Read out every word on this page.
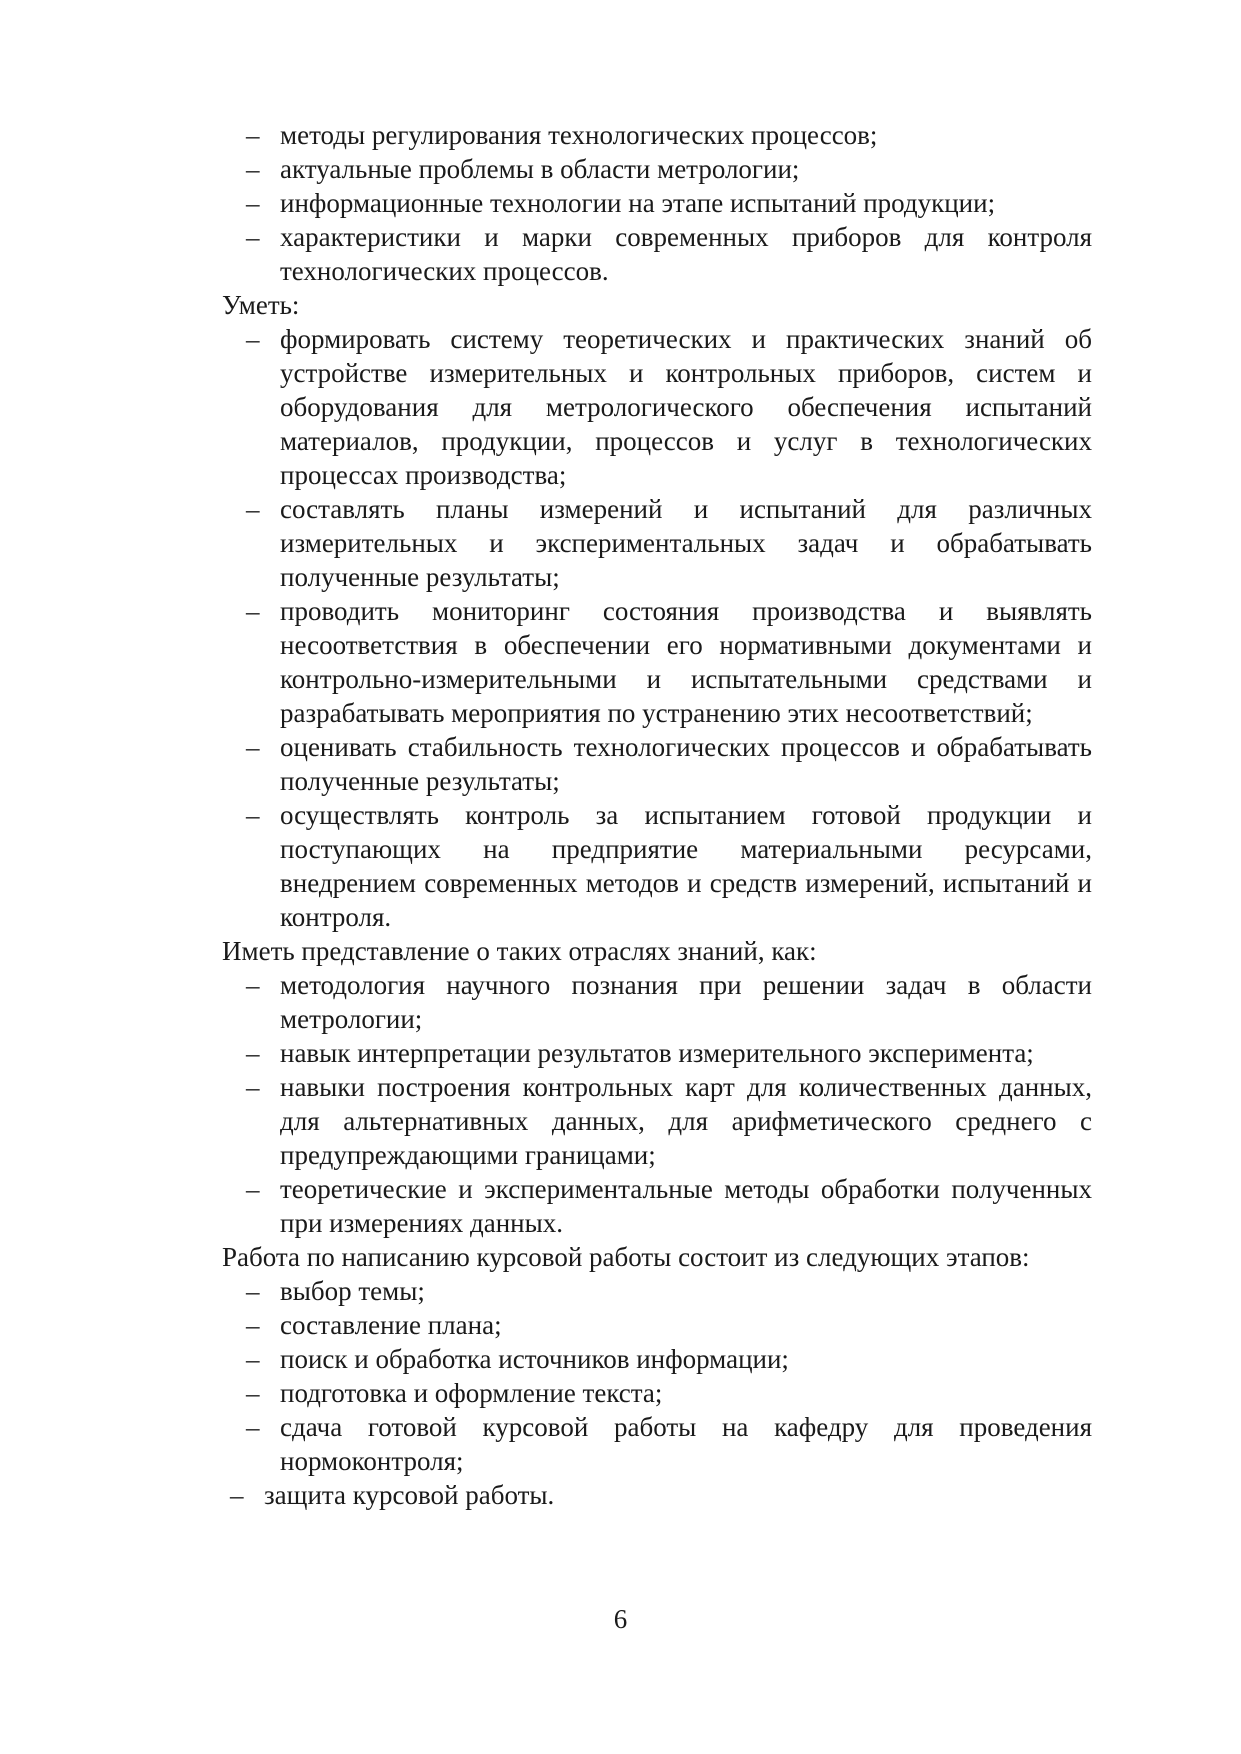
– методы регулирования технологических процессов;
– актуальные проблемы в области метрологии;
– информационные технологии на этапе испытаний продукции;
– характеристики и марки современных приборов для контроля технологических процессов.

Уметь:

– формировать систему теоретических и практических знаний об устройстве измерительных и контрольных приборов, систем и оборудования для метрологического обеспечения испытаний материалов, продукции, процессов и услуг в технологических процессах производства;
– составлять планы измерений и испытаний для различных измерительных и экспериментальных задач и обрабатывать полученные результаты;
– проводить мониторинг состояния производства и выявлять несоответствия в обеспечении его нормативными документами и контрольно-измерительными и испытательными средствами и разрабатывать мероприятия по устранению этих несоответствий;
– оценивать стабильность технологических процессов и обрабатывать полученные результаты;
– осуществлять контроль за испытанием готовой продукции и поступающих на предприятие материальными ресурсами, внедрением современных методов и средств измерений, испытаний и контроля.

Иметь представление о таких отраслях знаний, как:

– методология научного познания при решении задач в области метрологии;
– навык интерпретации результатов измерительного эксперимента;
– навыки построения контрольных карт для количественных данных, для альтернативных данных, для арифметического среднего с предупреждающими границами;
– теоретические и экспериментальные методы обработки полученных при измерениях данных.

Работа по написанию курсовой работы состоит из следующих этапов:

– выбор темы;
– составление плана;
– поиск и обработка источников информации;
– подготовка и оформление текста;
– сдача готовой курсовой работы на кафедру для проведения нормоконтроля;
– защита курсовой работы.
6
